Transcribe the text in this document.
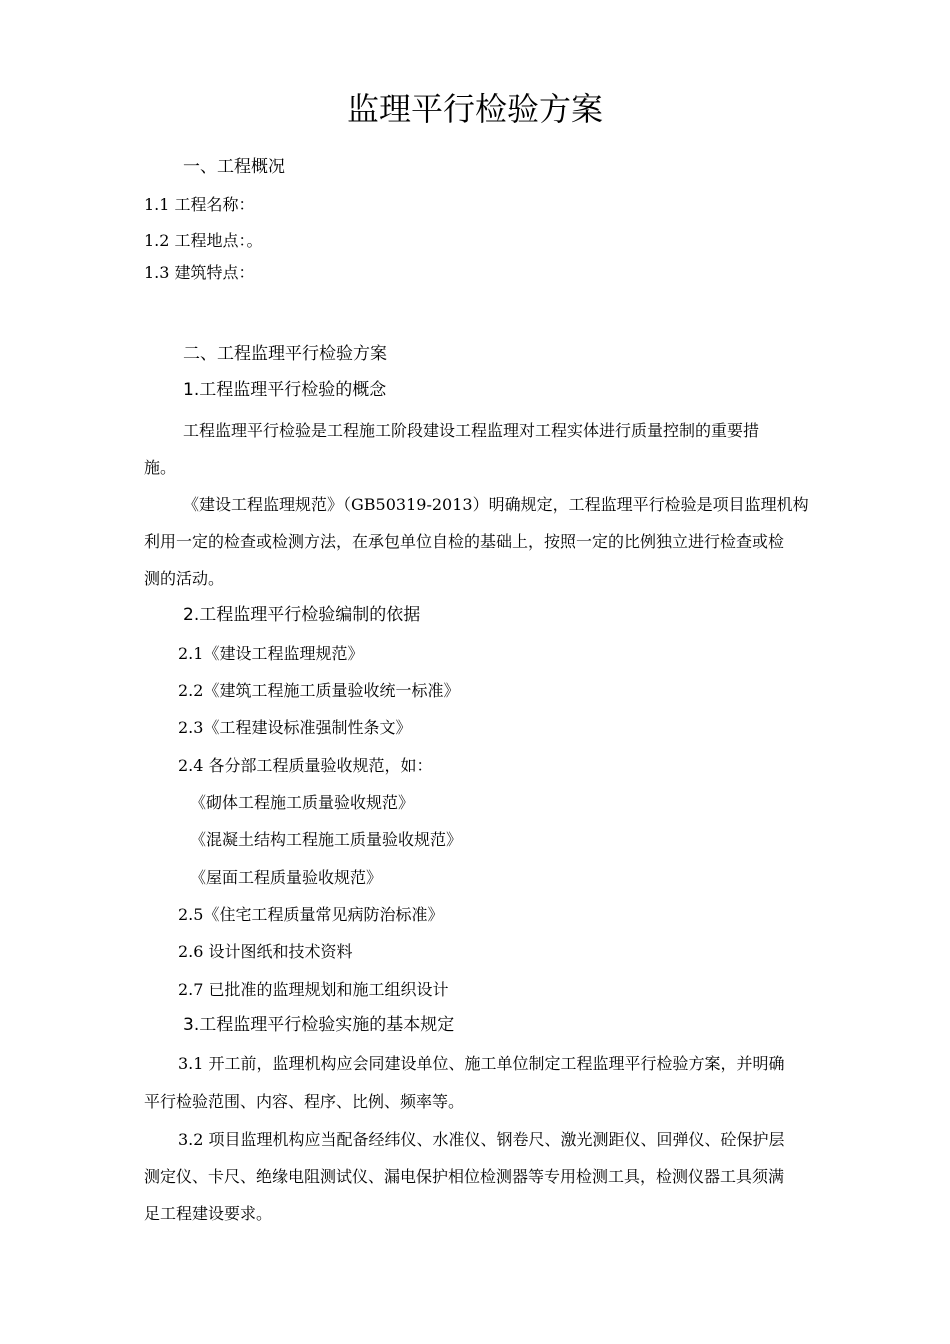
监理平行检验方案
一、工程概况
1.1 工程名称：
1.2 工程地点：。
1.3 建筑特点：
二、工程监理平行检验方案
1.工程监理平行检验的概念
工程监理平行检验是工程施工阶段建设工程监理对工程实体进行质量控制的重要措
施。
《建设工程监理规范》（GB50319-2013）明确规定，工程监理平行检验是项目监理机构
利用一定的检查或检测方法，在承包单位自检的基础上，按照一定的比例独立进行检查或检
测的活动。
2.工程监理平行检验编制的依据
2.1《建设工程监理规范》
2.2《建筑工程施工质量验收统一标准》
2.3《工程建设标准强制性条文》
2.4 各分部工程质量验收规范，如：
《砌体工程施工质量验收规范》
《混凝土结构工程施工质量验收规范》
《屋面工程质量验收规范》
2.5《住宅工程质量常见病防治标准》
2.6 设计图纸和技术资料
2.7 已批准的监理规划和施工组织设计
3.工程监理平行检验实施的基本规定
3.1 开工前，监理机构应会同建设单位、施工单位制定工程监理平行检验方案，并明确
平行检验范围、内容、程序、比例、频率等。
3.2 项目监理机构应当配备经纬仪、水准仪、钢卷尺、激光测距仪、回弹仪、砼保护层
测定仪、卡尺、绝缘电阻测试仪、漏电保护相位检测器等专用检测工具，检测仪器工具须满
足工程建设要求。
